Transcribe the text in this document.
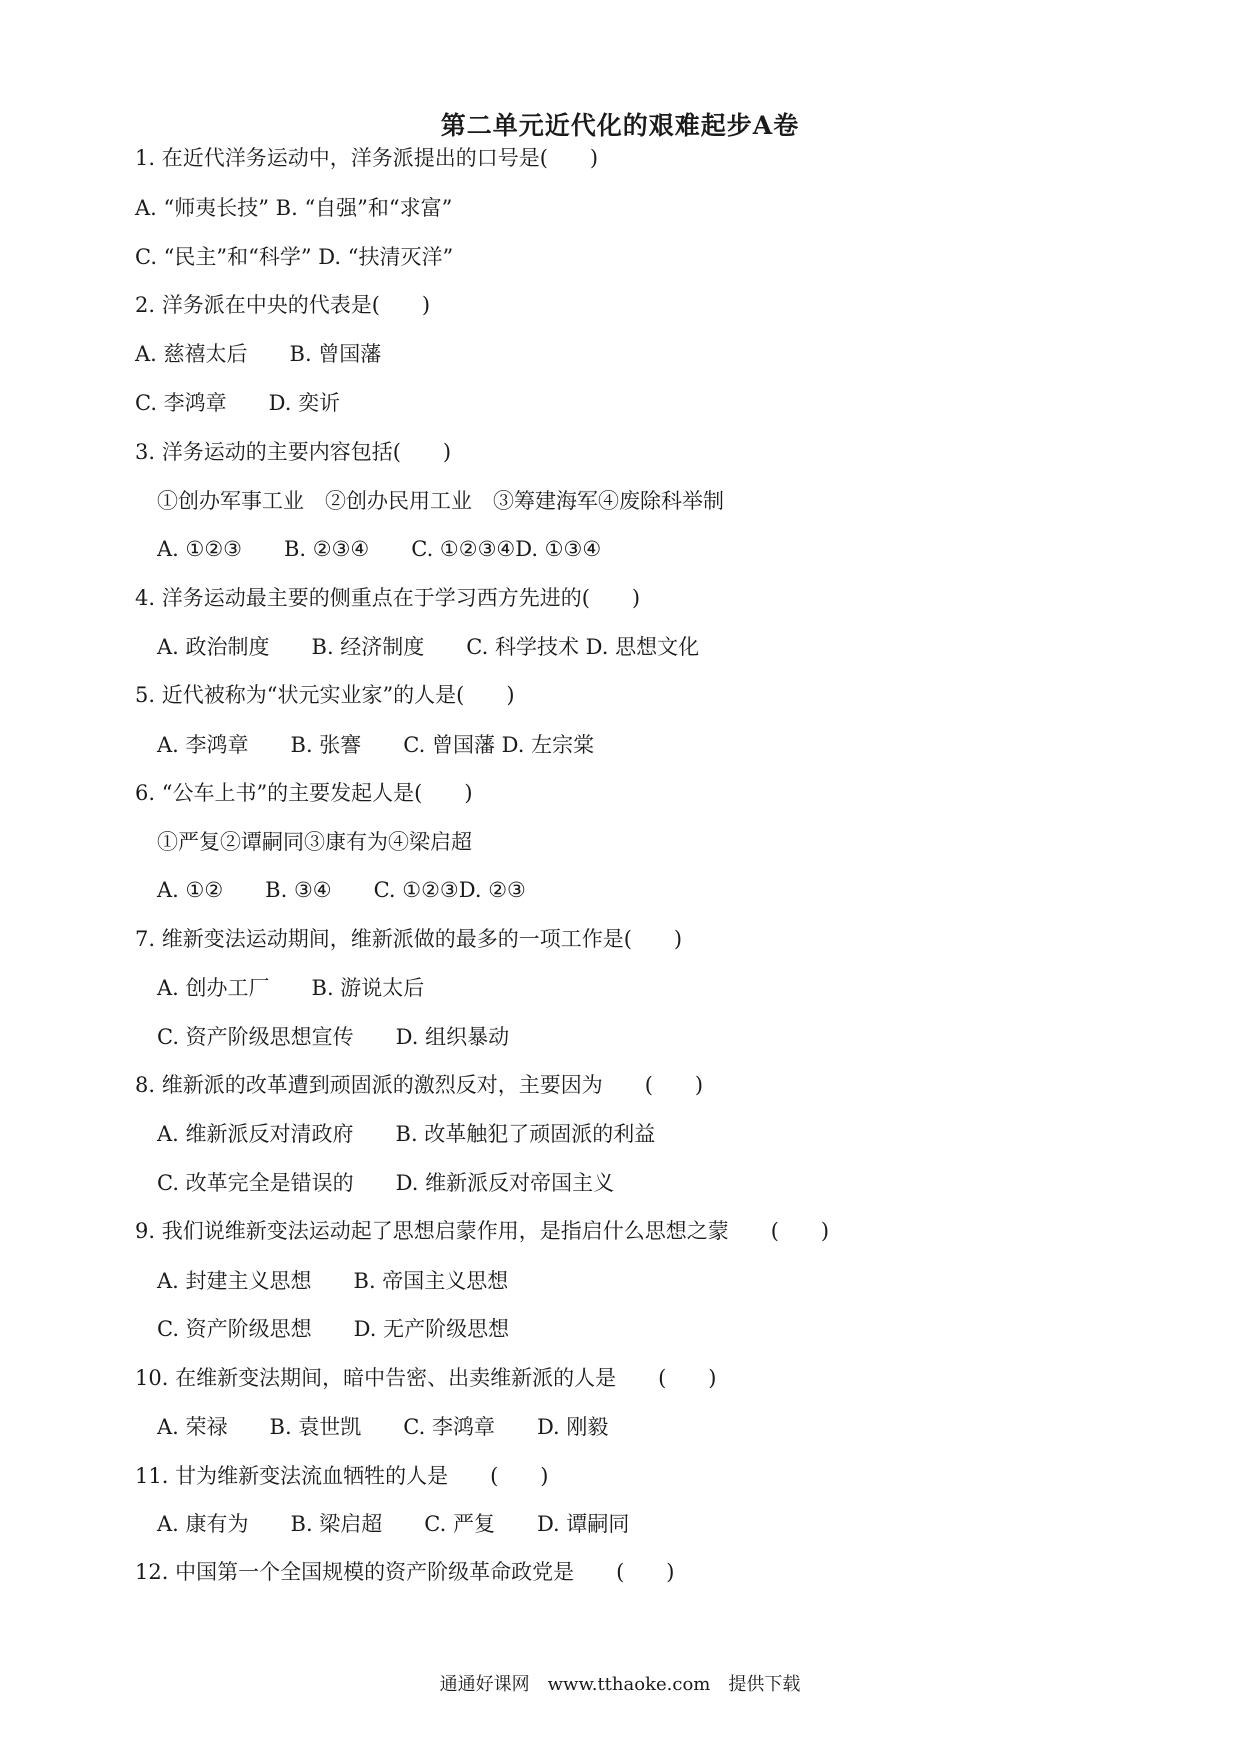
第二单元近代化的艰难起步A卷
1. 在近代洋务运动中，洋务派提出的口号是(　　)
A. “师夷长技” B. “自强”和“求富”
C. “民主”和“科学” D. “扶清灭洋”
2. 洋务派在中央的代表是(　　)
A. 慈禧太后　　B. 曾国藩
C. 李鸿章　　D. 奕䜣
3. 洋务运动的主要内容包括(　　)
①创办军事工业　②创办民用工业　③筹建海军④废除科举制
A. ①②③　　B. ②③④　　C. ①②③④D. ①③④
4. 洋务运动最主要的侧重点在于学习西方先进的(　　)
A. 政治制度　　B. 经济制度　　C. 科学技术 D. 思想文化
5. 近代被称为“状元实业家”的人是(　　)
A. 李鸿章　　B. 张謇　　C. 曾国藩 D. 左宗棠
6. “公车上书”的主要发起人是(　　)
①严复②谭嗣同③康有为④梁启超
A. ①②　　B. ③④　　C. ①②③D. ②③
7. 维新变法运动期间，维新派做的最多的一项工作是(　　)
A. 创办工厂　　B. 游说太后
C. 资产阶级思想宣传　　D. 组织暴动
8. 维新派的改革遭到顽固派的激烈反对，主要因为　　(　　)
A. 维新派反对清政府　　B. 改革触犯了顽固派的利益
C. 改革完全是错误的　　D. 维新派反对帝国主义
9. 我们说维新变法运动起了思想启蒙作用，是指启什么思想之蒙　　(　　)
A. 封建主义思想　　B. 帝国主义思想
C. 资产阶级思想　　D. 无产阶级思想
10. 在维新变法期间，暗中告密、出卖维新派的人是　　(　　)
A. 荣禄　　B. 袁世凯　　C. 李鸿章　　D. 刚毅
11. 甘为维新变法流血牺牲的人是　　(　　)
A. 康有为　　B. 梁启超　　C. 严复　　D. 谭嗣同
12. 中国第一个全国规模的资产阶级革命政党是　　(　　)
通通好课网　www.tthaoke.com　提供下载
